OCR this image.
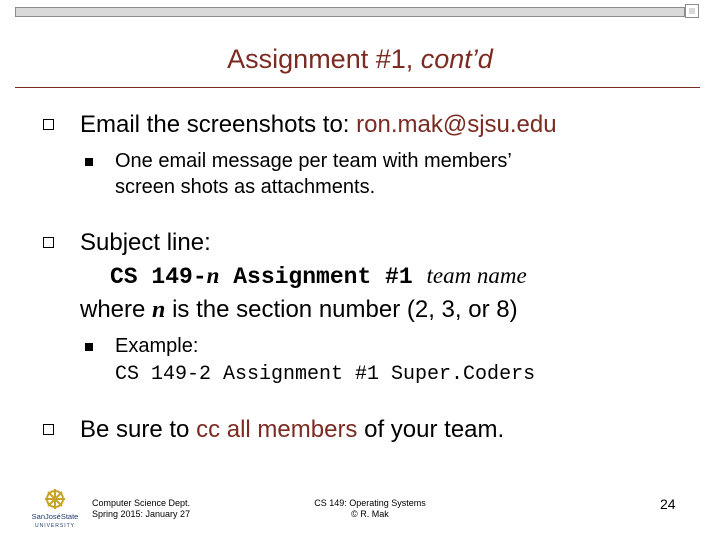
Assignment #1, cont’d
Email the screenshots to: ron.mak@sjsu.edu
One email message per team with members’
screen shots as attachments.
Subject line:
CS 149-n Assignment #1 team name
where n is the section number (2, 3, or 8)
Example:
CS 149-2 Assignment #1 Super.Coders
Be sure to cc all members of your team.
SanJoséState
UNIVERSITY
Computer Science Dept.
Spring 2015: January 27
CS 149: Operating Systems
© R. Mak
24
